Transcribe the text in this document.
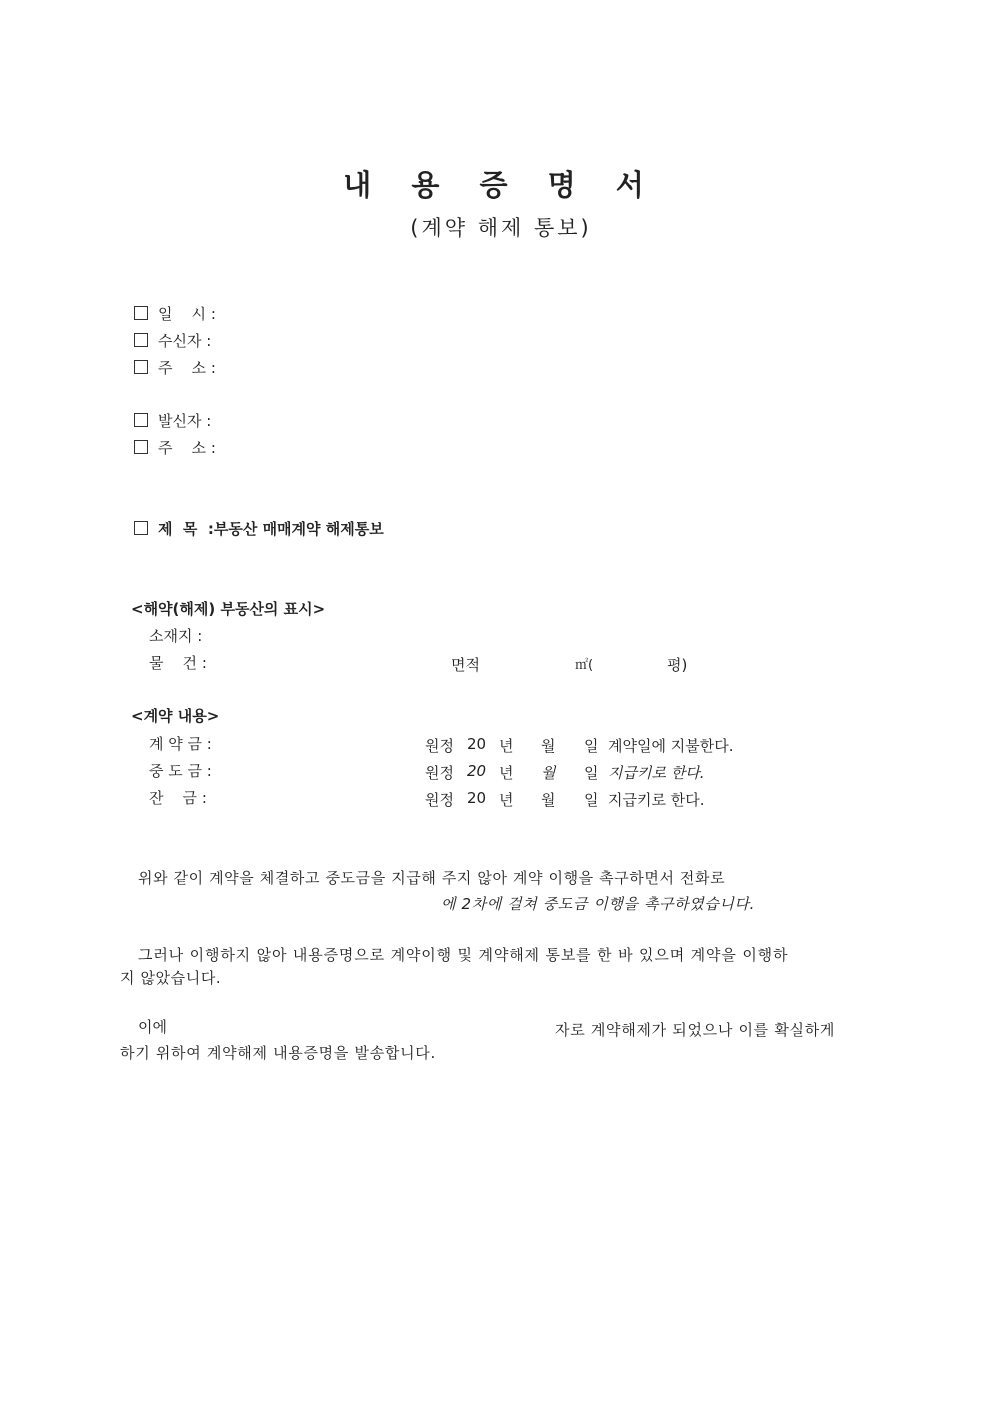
내 용 증 명 서
(계약 해제 통보)
일    시 :
수신자 :
주    소 :
발신자 :
주    소 :
제  목  :부동산 매매계약 해제통보
<해약(해제) 부동산의 표시>
소재지 :
물    건 :	면적	㎡(	평)
<계약 내용>
계 약 금 :	원정 20 년 월 일 계약일에 지불한다.
중 도 금 :	원정 20 년 월 일 지급키로 한다.
잔    금 :	원정 20 년 월 일 지급키로 한다.
위와 같이 계약을 체결하고 중도금을 지급해 주지 않아 계약 이행을 촉구하면서 전화로
에 2차에 걸쳐 중도금 이행을 촉구하였습니다.
그러나 이행하지 않아 내용증명으로 계약이행 및 계약해제 통보를 한 바 있으며 계약을 이행하
지 않았습니다.
이에	자로 계약해제가 되었으나 이를 확실하게
하기 위하여 계약해제 내용증명을 발송합니다.
